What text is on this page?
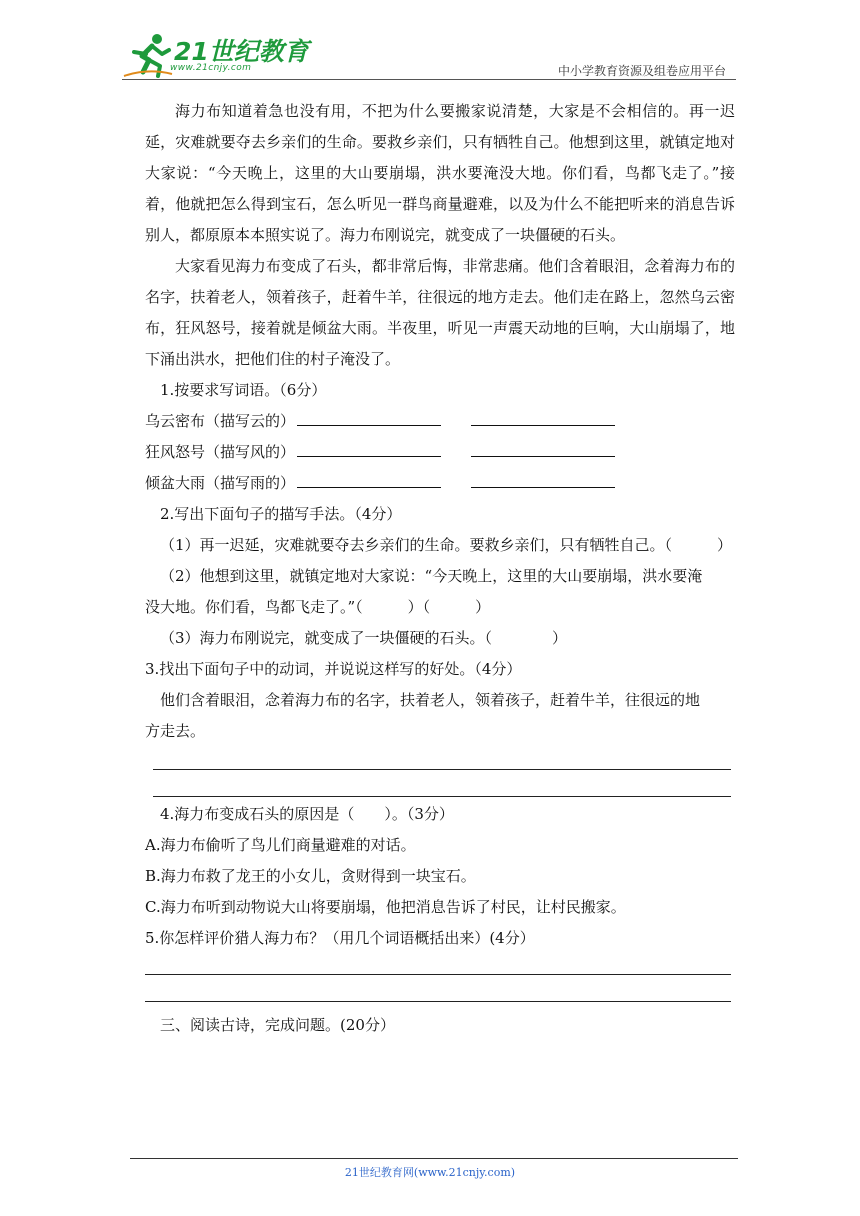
21世纪教育
www.21cnjy.com	中小学教育资源及组卷应用平台

海力布知道着急也没有用，不把为什么要搬家说清楚，大家是不会相信的。再一迟延，灾难就要夺去乡亲们的生命。要救乡亲们，只有牺牲自己。他想到这里，就镇定地对大家说：“今天晚上，这里的大山要崩塌，洪水要淹没大地。你们看，鸟都飞走了。”接着，他就把怎么得到宝石，怎么听见一群鸟商量避难，以及为什么不能把听来的消息告诉别人，都原原本本照实说了。海力布刚说完，就变成了一块僵硬的石头。

大家看见海力布变成了石头，都非常后悔，非常悲痛。他们含着眼泪，念着海力布的名字，扶着老人，领着孩子，赶着牛羊，往很远的地方走去。他们走在路上，忽然乌云密布，狂风怒号，接着就是倾盆大雨。半夜里，听见一声震天动地的巨响，大山崩塌了，地下涌出洪水，把他们住的村子淹没了。

1.按要求写词语。（6分）

乌云密布（描写云的）

狂风怒号（描写风的）

倾盆大雨（描写雨的）

2.写出下面句子的描写手法。（4分）

（1）再一迟延，灾难就要夺去乡亲们的生命。要救乡亲们，只有牺牲自己。（　　　）

（2）他想到这里，就镇定地对大家说：“今天晚上，这里的大山要崩塌，洪水要淹

没大地。你们看，鸟都飞走了。”（　　　）（　　　）

（3）海力布刚说完，就变成了一块僵硬的石头。（　　　　）

3.找出下面句子中的动词，并说说这样写的好处。（4分）

他们含着眼泪，念着海力布的名字，扶着老人，领着孩子，赶着牛羊，往很远的地

方走去。

4.海力布变成石头的原因是（　　）。（3分）

A.海力布偷听了鸟儿们商量避难的对话。

B.海力布救了龙王的小女儿，贪财得到一块宝石。

C.海力布听到动物说大山将要崩塌，他把消息告诉了村民，让村民搬家。

5.你怎样评价猎人海力布？（用几个词语概括出来）(4分）

三、阅读古诗，完成问题。(20分）

21世纪教育网(www.21cnjy.com)
